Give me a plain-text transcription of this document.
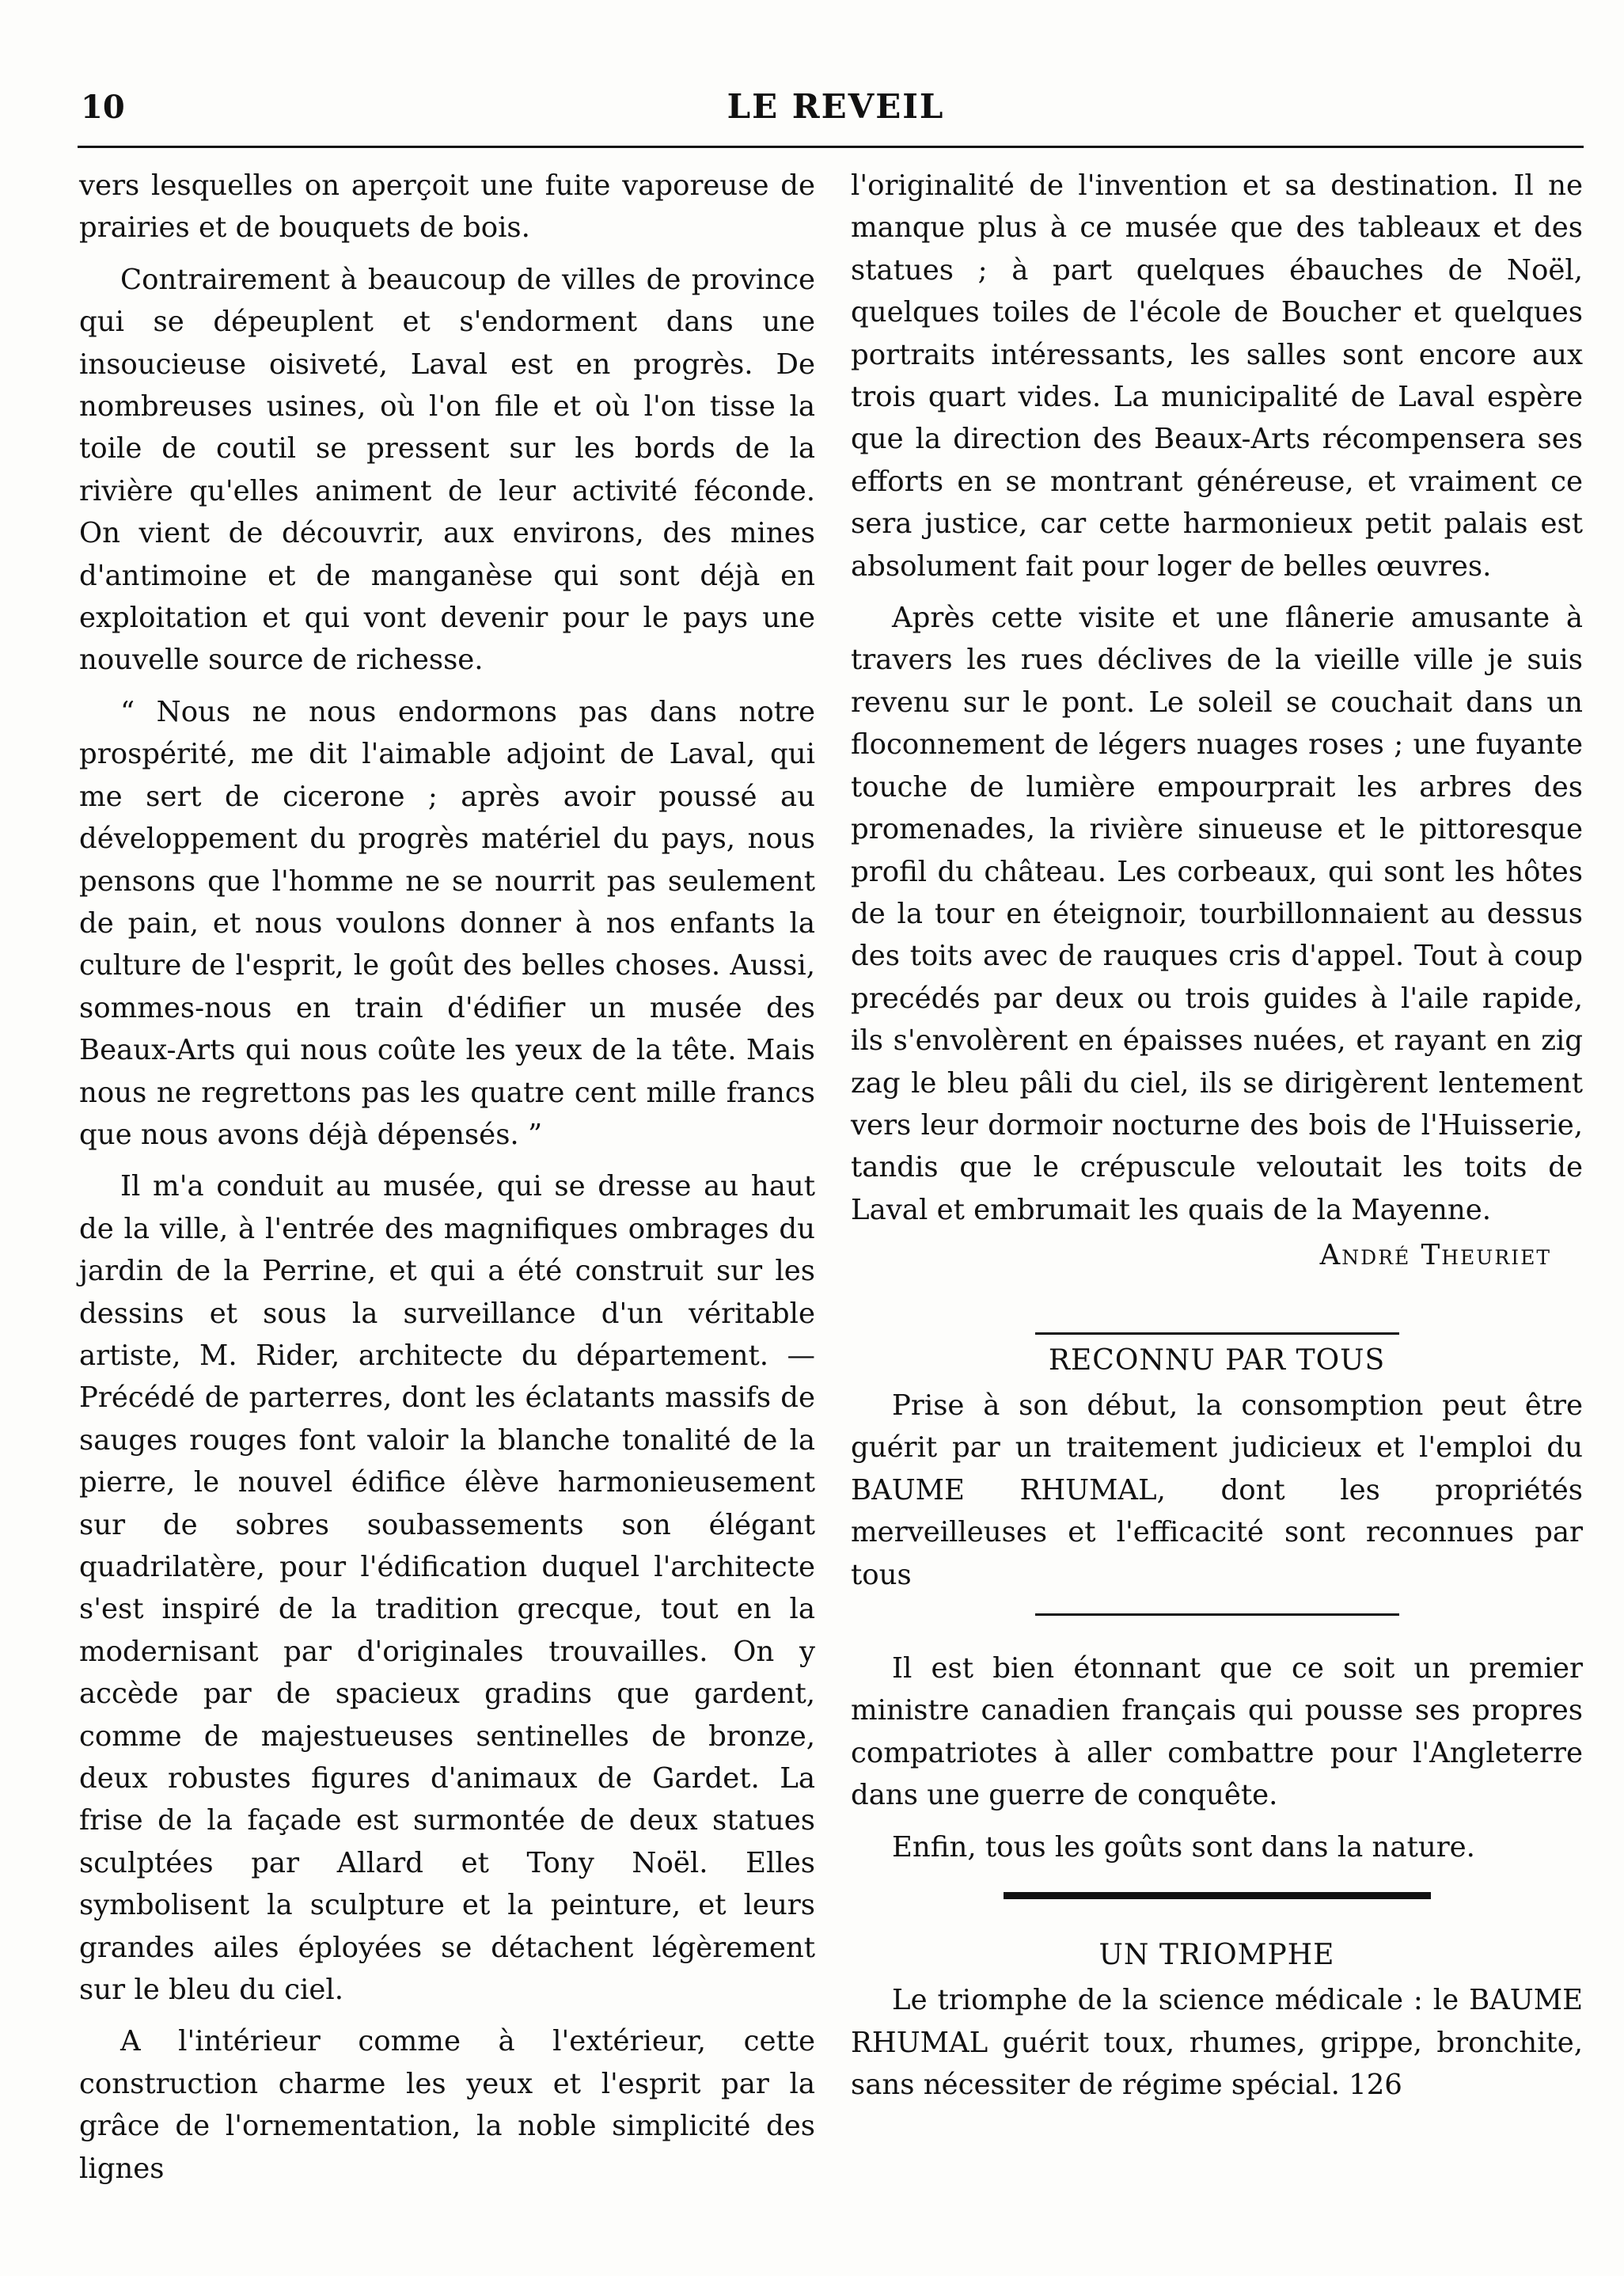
10	LE REVEIL

vers lesquelles on aperçoit une fuite vaporeuse de prairies et de bouquets de bois.

Contrairement à beaucoup de villes de province qui se dépeuplent et s'endorment dans une insoucieuse oisiveté, Laval est en progrès. De nombreuses usines, où l'on file et où l'on tisse la toile de coutil se pressent sur les bords de la rivière qu'elles animent de leur activité féconde. On vient de découvrir, aux environs, des mines d'antimoine et de manganèse qui sont déjà en exploitation et qui vont devenir pour le pays une nouvelle source de richesse.

“ Nous ne nous endormons pas dans notre prospérité, me dit l'aimable adjoint de Laval, qui me sert de cicerone ; après avoir poussé au développement du progrès matériel du pays, nous pensons que l'homme ne se nourrit pas seulement de pain, et nous voulons donner à nos enfants la culture de l'esprit, le goût des belles choses. Aussi, sommes-nous en train d'édifier un musée des Beaux-Arts qui nous coûte les yeux de la tête. Mais nous ne regrettons pas les quatre cent mille francs que nous avons déjà dépensés. ”

Il m'a conduit au musée, qui se dresse au haut de la ville, à l'entrée des magnifiques ombrages du jardin de la Perrine, et qui a été construit sur les dessins et sous la surveillance d'un véritable artiste, M. Rider, architecte du département. — Précédé de parterres, dont les éclatants massifs de sauges rouges font valoir la blanche tonalité de la pierre, le nouvel édifice élève harmonieusement sur de sobres soubassements son élégant quadrilatère, pour l'édification duquel l'architecte s'est inspiré de la tradition grecque, tout en la modernisant par d'originales trouvailles. On y accède par de spacieux gradins que gardent, comme de majestueuses sentinelles de bronze, deux robustes figures d'animaux de Gardet. La frise de la façade est surmontée de deux statues sculptées par Allard et Tony Noël. Elles symbolisent la sculpture et la peinture, et leurs grandes ailes éployées se détachent légèrement sur le bleu du ciel.

A l'intérieur comme à l'extérieur, cette construction charme les yeux et l'esprit par la grâce de l'ornementation, la noble simplicité des lignes

l'originalité de l'invention et sa destination. Il ne manque plus à ce musée que des tableaux et des statues ; à part quelques ébauches de Noël, quelques toiles de l'école de Boucher et quelques portraits intéressants, les salles sont encore aux trois quart vides. La municipalité de Laval espère que la direction des Beaux-Arts récompensera ses efforts en se montrant généreuse, et vraiment ce sera justice, car cette harmonieux petit palais est absolument fait pour loger de belles œuvres.

Après cette visite et une flânerie amusante à travers les rues déclives de la vieille ville je suis revenu sur le pont. Le soleil se couchait dans un floconnement de légers nuages roses ; une fuyante touche de lumière empourprait les arbres des promenades, la rivière sinueuse et le pittoresque profil du château. Les corbeaux, qui sont les hôtes de la tour en éteignoir, tourbillonnaient au dessus des toits avec de rauques cris d'appel. Tout à coup precédés par deux ou trois guides à l'aile rapide, ils s'envolèrent en épaisses nuées, et rayant en zig zag le bleu pâli du ciel, ils se dirigèrent lentement vers leur dormoir nocturne des bois de l'Huisserie, tandis que le crépuscule veloutait les toits de Laval et embrumait les quais de la Mayenne.

André Theuriet

RECONNU PAR TOUS

Prise à son début, la consomption peut être guérit par un traitement judicieux et l'emploi du BAUME RHUMAL, dont les propriétés merveilleuses et l'efficacité sont reconnues par tous

Il est bien étonnant que ce soit un premier ministre canadien français qui pousse ses propres compatriotes à aller combattre pour l'Angleterre dans une guerre de conquête.

Enfin, tous les goûts sont dans la nature.

UN TRIOMPHE

Le triomphe de la science médicale : le BAUME RHUMAL guérit toux, rhumes, grippe, bronchite, sans nécessiter de régime spécial. 126
